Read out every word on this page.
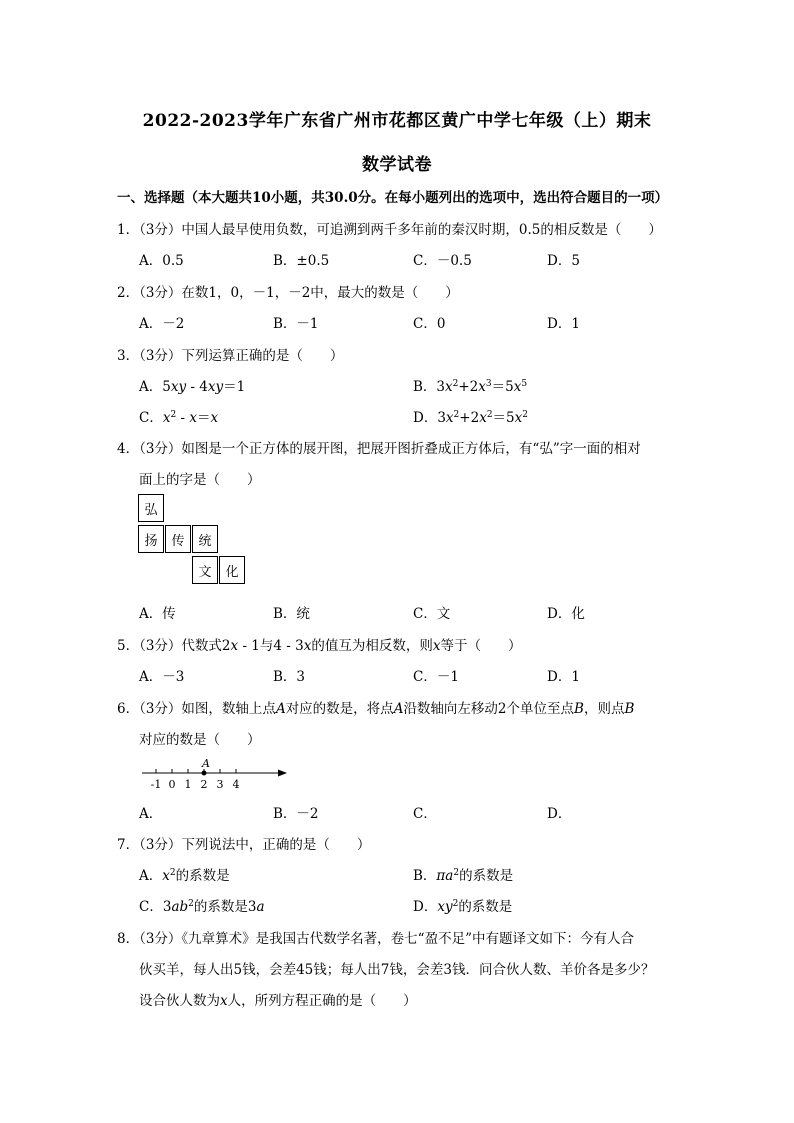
2022-2023学年广东省广州市花都区黄广中学七年级（上）期末
数学试卷
一、选择题（本大题共10小题，共30.0分。在每小题列出的选项中，选出符合题目的一项）
1．（3分）中国人最早使用负数，可追溯到两千多年前的秦汉时期，0.5的相反数是（　　）
A．0.5	B．±0.5	C．－0.5	D．5
2．（3分）在数1，0，－1，－2中，最大的数是（　　）
A．－2	B．－1	C．0	D．1
3．（3分）下列运算正确的是（　　）
A．5xy - 4xy＝1	B．$3x^2+2x^3=5x^5$
C．$x^2 - x=x$	D．$3x^2+2x^2=5x^2$
4．（3分）如图是一个正方体的展开图，把展开图折叠成正方体后，有“弘”字一面的相对
面上的字是（　　）
弘
扬	传	统
文	化
A．传	B．统	C．文	D．化
5．（3分）代数式2x - 1与4 - 3x的值互为相反数，则x等于（　　）
A．－3	B．3	C．－1	D．1
6．（3分）如图，数轴上点A对应的数是，将点A沿数轴向左移动2个单位至点B，则点B
对应的数是（　　）
-1 0 1 2 3 4
A
A．	B．－2	C．	D．
7．（3分）下列说法中，正确的是（　　）
A．$x^2$的系数是	B．$\pi a^2$的系数是
C．$3ab^2$的系数是3a	D．$xy^2$的系数是
8．（3分）《九章算术》是我国古代数学名著，卷七“盈不足”中有题译文如下：今有人合
伙买羊，每人出5钱，会差45钱；每人出7钱，会差3钱．问合伙人数、羊价各是多少？
设合伙人数为x人，所列方程正确的是（　　）
